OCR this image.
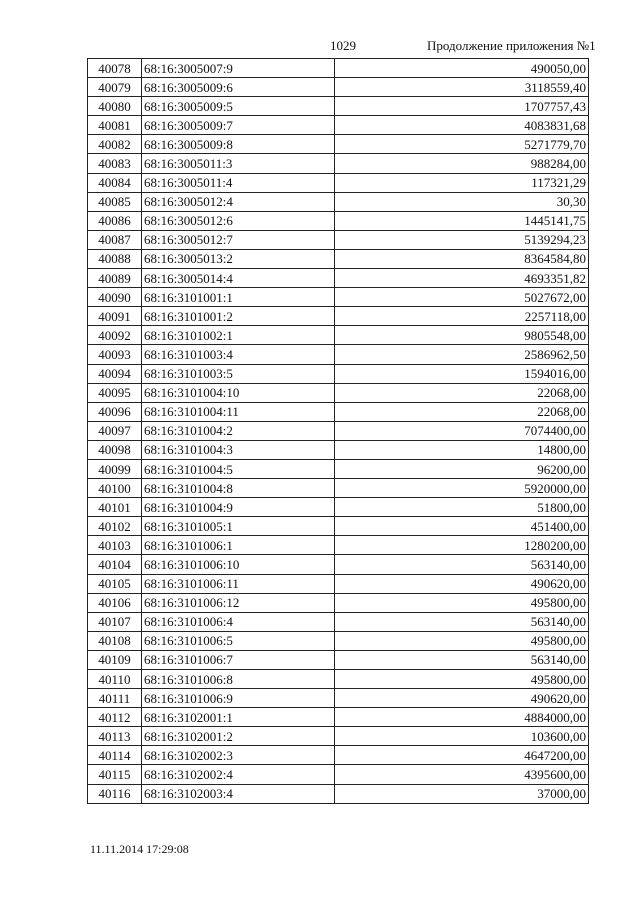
1029	Продолжение приложения №1
40078	68:16:3005007:9	490050,00
40079	68:16:3005009:6	3118559,40
40080	68:16:3005009:5	1707757,43
40081	68:16:3005009:7	4083831,68
40082	68:16:3005009:8	5271779,70
40083	68:16:3005011:3	988284,00
40084	68:16:3005011:4	117321,29
40085	68:16:3005012:4	30,30
40086	68:16:3005012:6	1445141,75
40087	68:16:3005012:7	5139294,23
40088	68:16:3005013:2	8364584,80
40089	68:16:3005014:4	4693351,82
40090	68:16:3101001:1	5027672,00
40091	68:16:3101001:2	2257118,00
40092	68:16:3101002:1	9805548,00
40093	68:16:3101003:4	2586962,50
40094	68:16:3101003:5	1594016,00
40095	68:16:3101004:10	22068,00
40096	68:16:3101004:11	22068,00
40097	68:16:3101004:2	7074400,00
40098	68:16:3101004:3	14800,00
40099	68:16:3101004:5	96200,00
40100	68:16:3101004:8	5920000,00
40101	68:16:3101004:9	51800,00
40102	68:16:3101005:1	451400,00
40103	68:16:3101006:1	1280200,00
40104	68:16:3101006:10	563140,00
40105	68:16:3101006:11	490620,00
40106	68:16:3101006:12	495800,00
40107	68:16:3101006:4	563140,00
40108	68:16:3101006:5	495800,00
40109	68:16:3101006:7	563140,00
40110	68:16:3101006:8	495800,00
40111	68:16:3101006:9	490620,00
40112	68:16:3102001:1	4884000,00
40113	68:16:3102001:2	103600,00
40114	68:16:3102002:3	4647200,00
40115	68:16:3102002:4	4395600,00
40116	68:16:3102003:4	37000,00
11.11.2014 17:29:08
